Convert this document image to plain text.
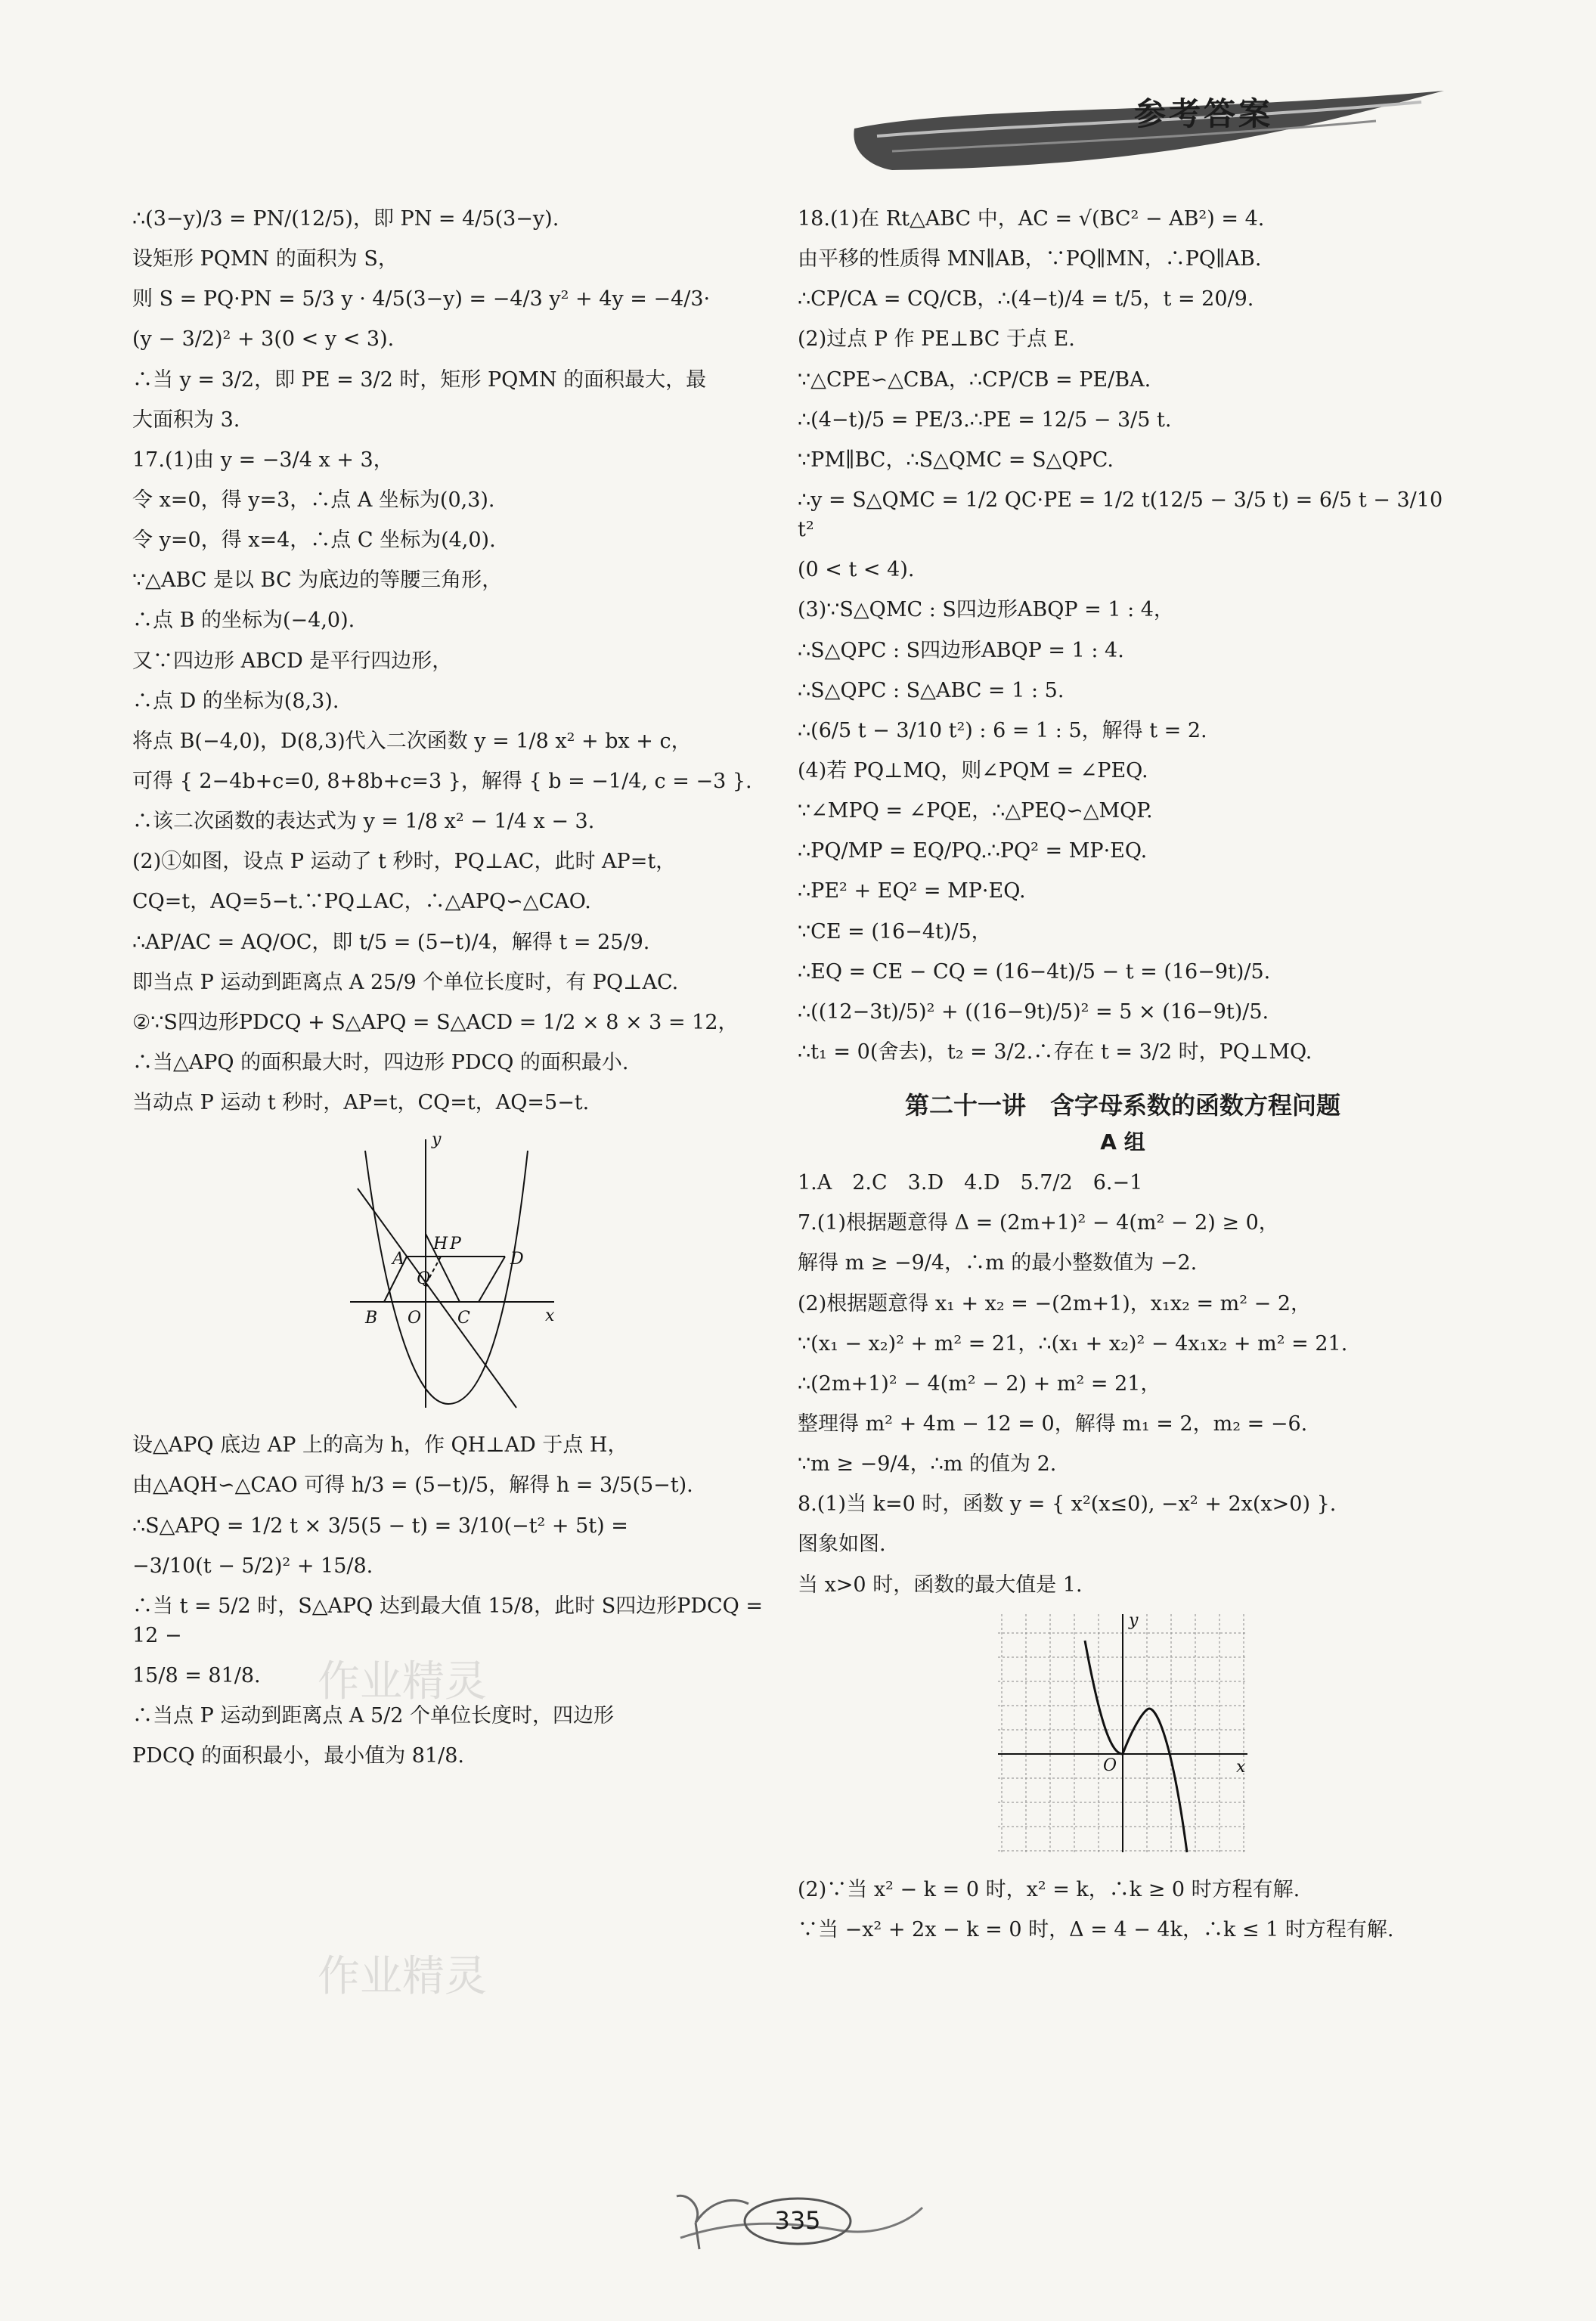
参考答案

∴(3−y)/3 = PN/(12/5)，即 PN = 4/5(3−y).

设矩形 PQMN 的面积为 S，

则 S = PQ·PN = 5/3 y · 4/5(3−y) = −4/3 y² + 4y = −4/3·

(y − 3/2)² + 3(0 < y < 3).

∴当 y = 3/2，即 PE = 3/2 时，矩形 PQMN 的面积最大，最

大面积为 3.

17.(1)由 y = −3/4 x + 3，

令 x=0，得 y=3，∴点 A 坐标为(0,3).

令 y=0，得 x=4，∴点 C 坐标为(4,0).

∵△ABC 是以 BC 为底边的等腰三角形，

∴点 B 的坐标为(−4,0).

又∵四边形 ABCD 是平行四边形，

∴点 D 的坐标为(8,3).

将点 B(−4,0)，D(8,3)代入二次函数 y = 1/8 x² + bx + c，

可得 { 2−4b+c=0, 8+8b+c=3 }，解得 { b = −1/4, c = −3 }.

∴该二次函数的表达式为 y = 1/8 x² − 1/4 x − 3.

(2)①如图，设点 P 运动了 t 秒时，PQ⊥AC，此时 AP=t，

CQ=t，AQ=5−t.∵PQ⊥AC，∴△APQ∽△CAO.

∴AP/AC = AQ/OC，即 t/5 = (5−t)/4，解得 t = 25/9.

即当点 P 运动到距离点 A 25/9 个单位长度时，有 PQ⊥AC.

②∵S四边形PDCQ + S△APQ = S△ACD = 1/2 × 8 × 3 = 12，

∴当△APQ 的面积最大时，四边形 PDCQ 的面积最小.

当动点 P 运动 t 秒时，AP=t，CQ=t，AQ=5−t.

y
H P
A
Q
D
B O C	x

设△APQ 底边 AP 上的高为 h，作 QH⊥AD 于点 H，

由△AQH∽△CAO 可得 h/3 = (5−t)/5，解得 h = 3/5(5−t).

∴S△APQ = 1/2 t × 3/5(5 − t) = 3/10(−t² + 5t) =

−3/10(t − 5/2)² + 15/8.

∴当 t = 5/2 时，S△APQ 达到最大值 15/8，此时 S四边形PDCQ = 12 −

15/8 = 81/8.

∴当点 P 运动到距离点 A 5/2 个单位长度时，四边形

PDCQ 的面积最小，最小值为 81/8.

18.(1)在 Rt△ABC 中，AC = √(BC² − AB²) = 4.

由平移的性质得 MN∥AB，∵PQ∥MN，∴PQ∥AB.

∴CP/CA = CQ/CB，∴(4−t)/4 = t/5，t = 20/9.

(2)过点 P 作 PE⊥BC 于点 E.

∵△CPE∽△CBA，∴CP/CB = PE/BA.

∴(4−t)/5 = PE/3.∴PE = 12/5 − 3/5 t.

∵PM∥BC，∴S△QMC = S△QPC.

∴y = S△QMC = 1/2 QC·PE = 1/2 t(12/5 − 3/5 t) = 6/5 t − 3/10 t²

(0 < t < 4).

(3)∵S△QMC : S四边形ABQP = 1 : 4，

∴S△QPC : S四边形ABQP = 1 : 4.

∴S△QPC : S△ABC = 1 : 5.

∴(6/5 t − 3/10 t²) : 6 = 1 : 5，解得 t = 2.

(4)若 PQ⊥MQ，则∠PQM = ∠PEQ.

∵∠MPQ = ∠PQE，∴△PEQ∽△MQP.

∴PQ/MP = EQ/PQ.∴PQ² = MP·EQ.

∴PE² + EQ² = MP·EQ.

∵CE = (16−4t)/5，

∴EQ = CE − CQ = (16−4t)/5 − t = (16−9t)/5.

∴((12−3t)/5)² + ((16−9t)/5)² = 5 × (16−9t)/5.

∴t₁ = 0(舍去)，t₂ = 3/2.∴存在 t = 3/2 时，PQ⊥MQ.

第二十一讲　含字母系数的函数方程问题
A 组

1.A　2.C　3.D　4.D　5.7/2　6.−1

7.(1)根据题意得 Δ = (2m+1)² − 4(m² − 2) ≥ 0，

解得 m ≥ −9/4，∴m 的最小整数值为 −2.

(2)根据题意得 x₁ + x₂ = −(2m+1)，x₁x₂ = m² − 2，

∵(x₁ − x₂)² + m² = 21，∴(x₁ + x₂)² − 4x₁x₂ + m² = 21.

∴(2m+1)² − 4(m² − 2) + m² = 21，

整理得 m² + 4m − 12 = 0，解得 m₁ = 2，m₂ = −6.

∵m ≥ −9/4，∴m 的值为 2.

8.(1)当 k=0 时，函数 y = { x²(x≤0), −x² + 2x(x>0) }.

图象如图.

当 x>0 时，函数的最大值是 1.

y
O	x

(2)∵当 x² − k = 0 时，x² = k，∴k ≥ 0 时方程有解.

∵当 −x² + 2x − k = 0 时，Δ = 4 − 4k，∴k ≤ 1 时方程有解.

335
作业精灵
作业精灵
